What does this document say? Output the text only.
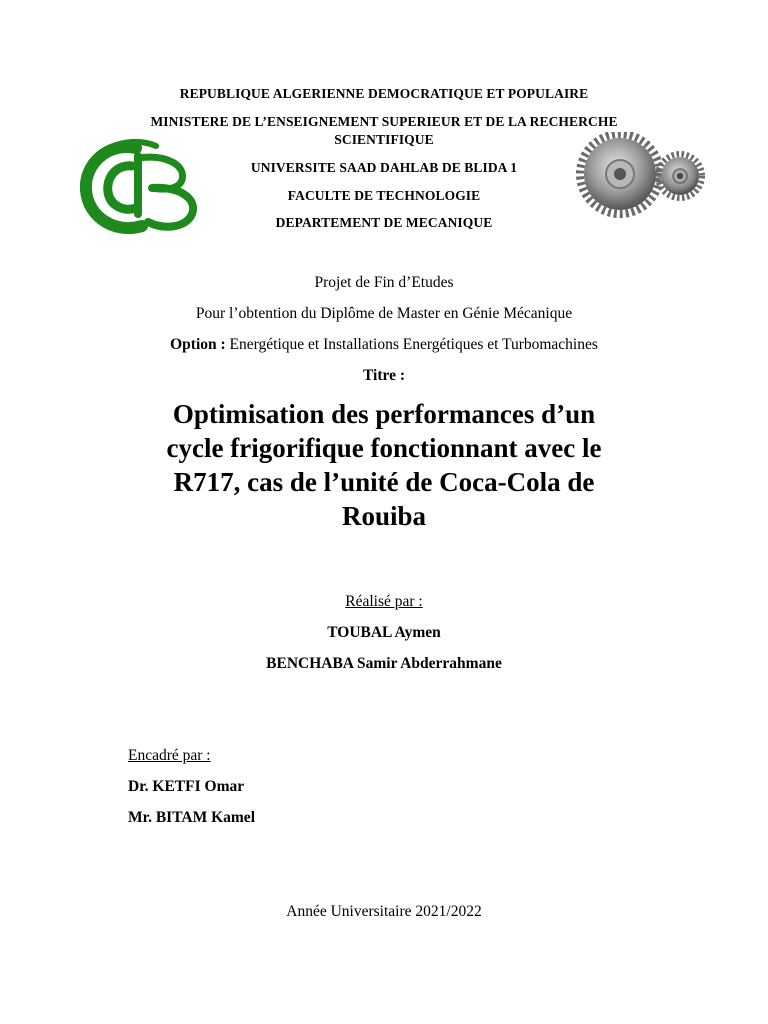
REPUBLIQUE ALGERIENNE DEMOCRATIQUE ET POPULAIRE
MINISTERE DE L’ENSEIGNEMENT SUPERIEUR ET DE LA RECHERCHE
SCIENTIFIQUE
UNIVERSITE SAAD DAHLAB DE BLIDA 1
FACULTE DE TECHNOLOGIE
DEPARTEMENT DE MECANIQUE
Projet de Fin d’Etudes
Pour l’obtention du Diplôme de Master en Génie Mécanique
Option : Energétique et Installations Energétiques et Turbomachines
Titre :
Optimisation des performances d’un
cycle frigorifique fonctionnant avec le
R717, cas de l’unité de Coca-Cola de
Rouiba
Réalisé par :
TOUBAL Aymen
BENCHABA Samir Abderrahmane
Encadré par :
Dr. KETFI Omar
Mr. BITAM Kamel
Année Universitaire 2021/2022
